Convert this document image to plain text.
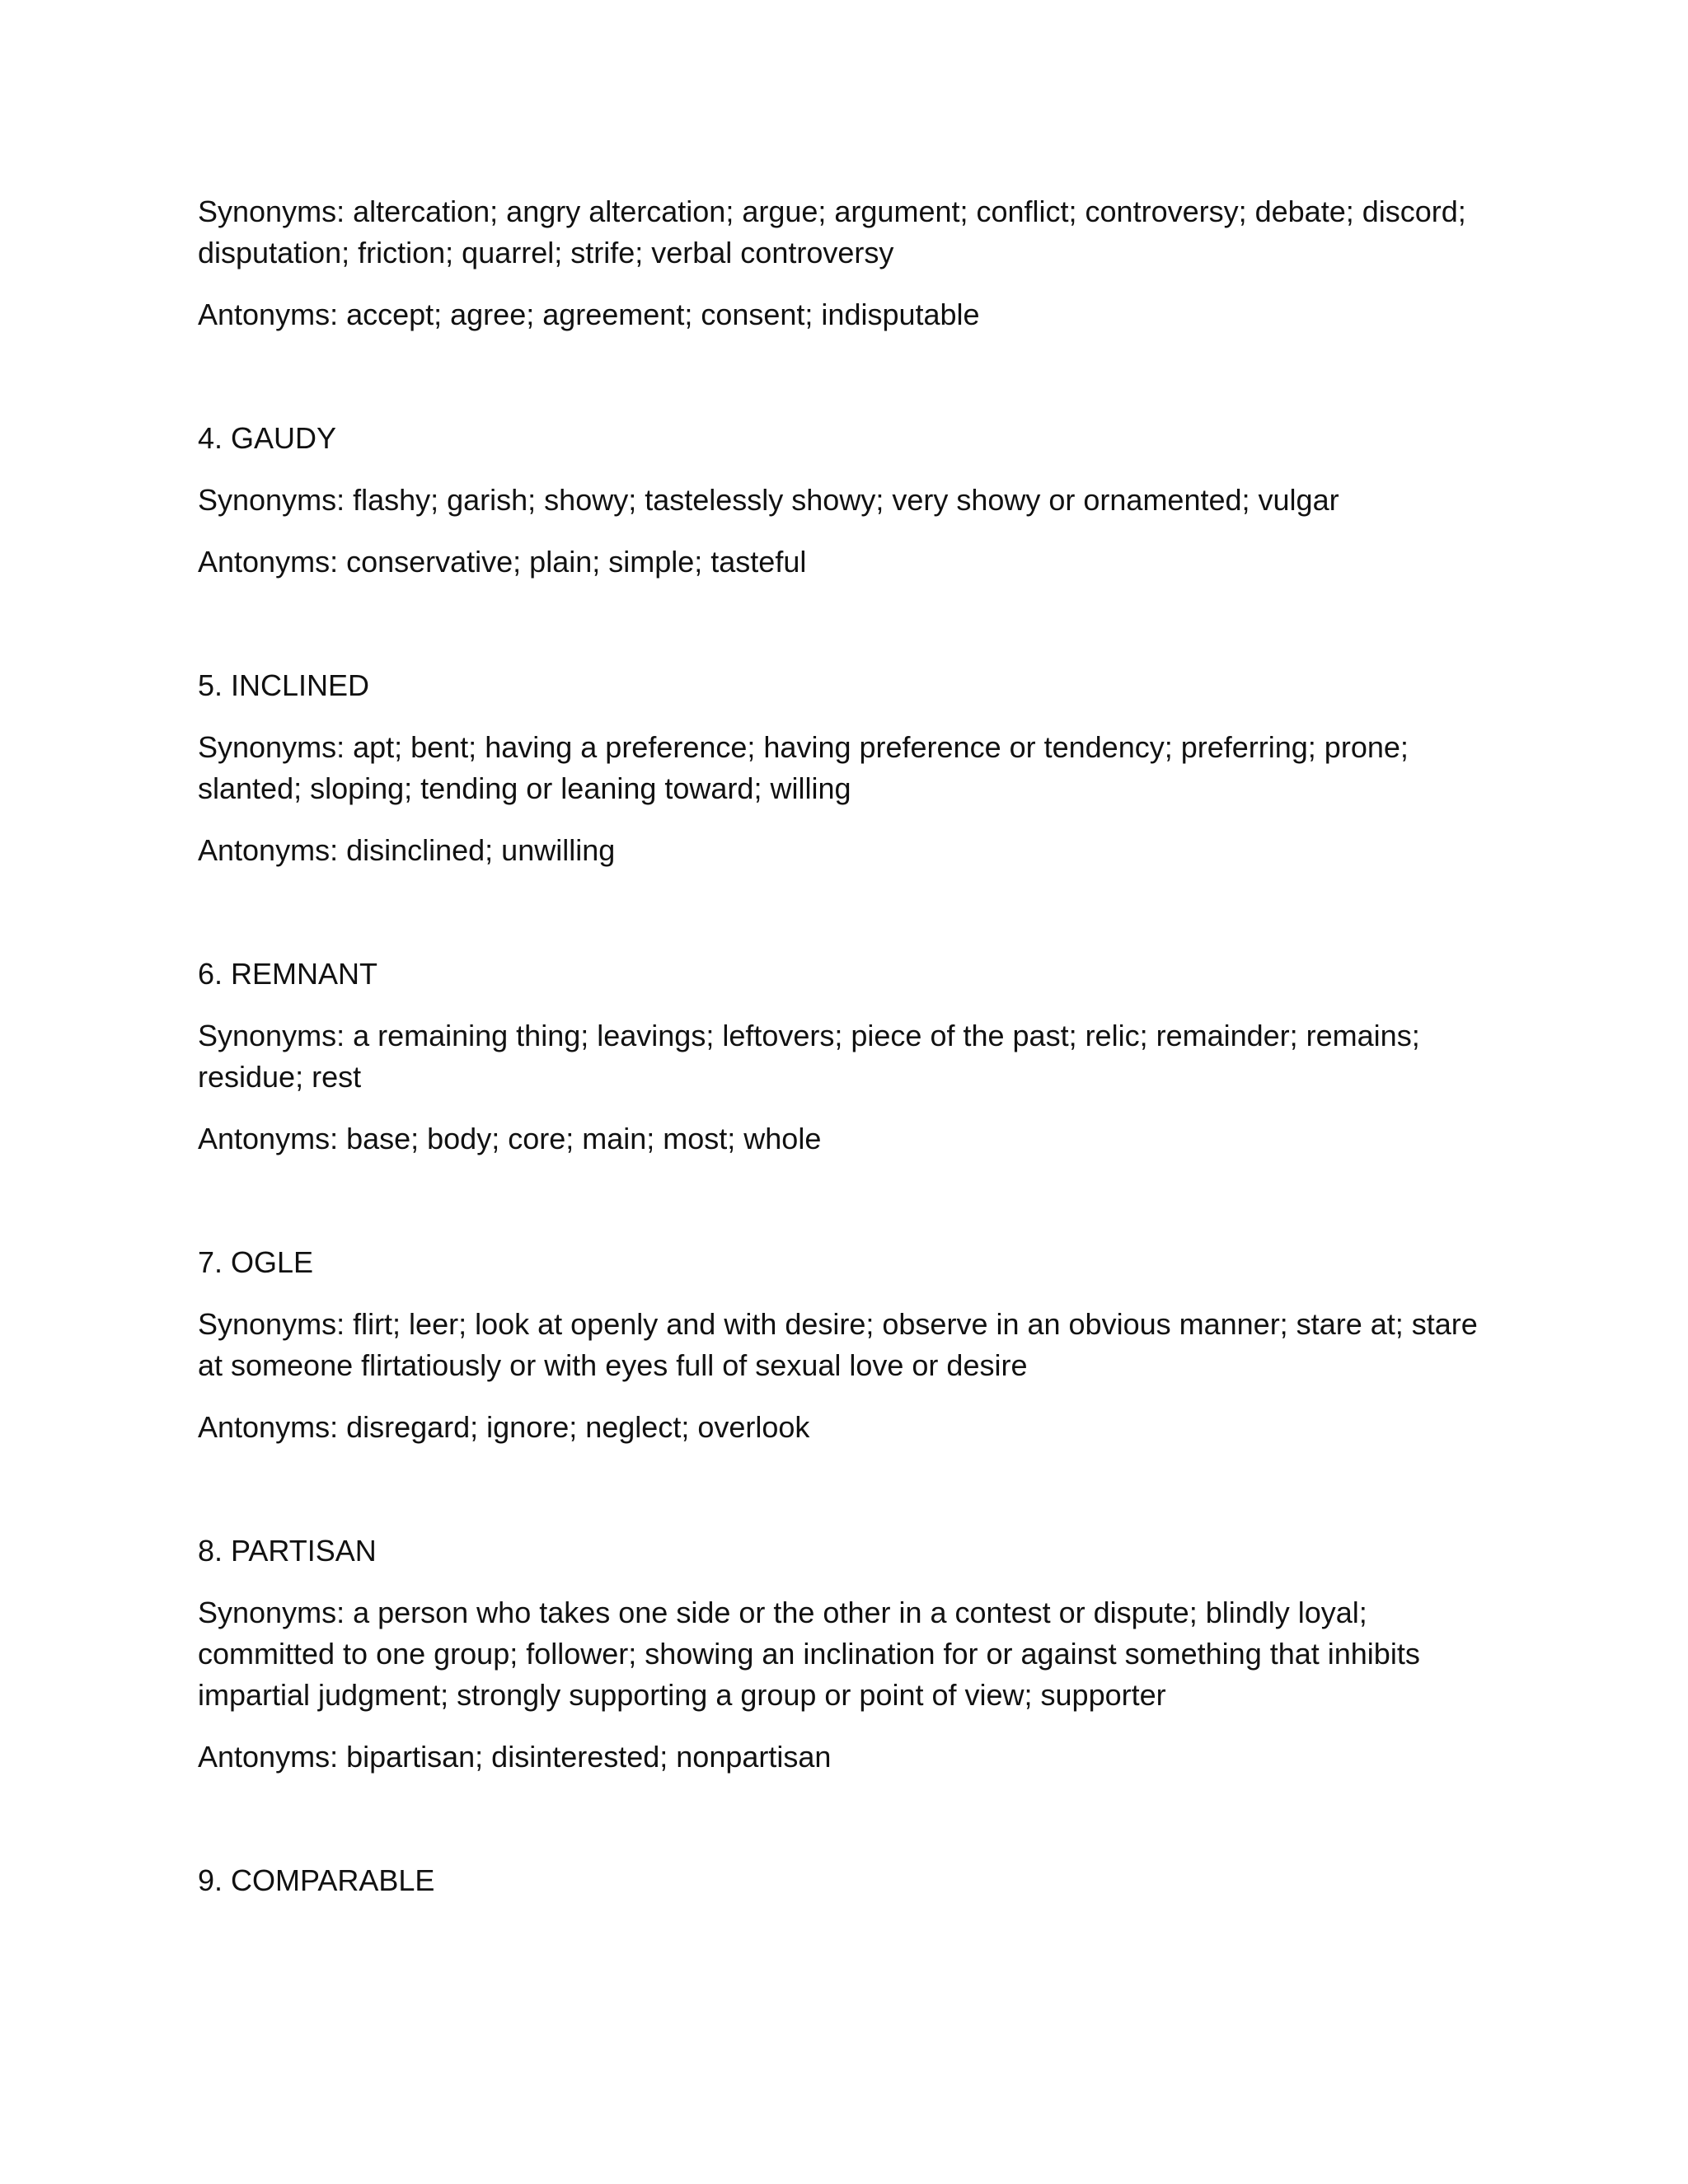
Synonyms: altercation; angry altercation; argue; argument; conflict; controversy; debate; discord; disputation; friction; quarrel; strife; verbal controversy

Antonyms: accept; agree; agreement; consent; indisputable

4. GAUDY

Synonyms: flashy; garish; showy; tastelessly showy; very showy or ornamented; vulgar

Antonyms: conservative; plain; simple; tasteful

5. INCLINED

Synonyms: apt; bent; having a preference; having preference or tendency; preferring; prone; slanted; sloping; tending or leaning toward; willing

Antonyms: disinclined; unwilling

6. REMNANT

Synonyms: a remaining thing; leavings; leftovers; piece of the past; relic; remainder; remains; residue; rest

Antonyms: base; body; core; main; most; whole

7. OGLE

Synonyms: flirt; leer; look at openly and with desire; observe in an obvious manner; stare at; stare at someone flirtatiously or with eyes full of sexual love or desire

Antonyms: disregard; ignore; neglect; overlook

8. PARTISAN

Synonyms: a person who takes one side or the other in a contest or dispute; blindly loyal; committed to one group; follower; showing an inclination for or against something that inhibits impartial judgment; strongly supporting a group or point of view; supporter

Antonyms: bipartisan; disinterested; nonpartisan

9. COMPARABLE
